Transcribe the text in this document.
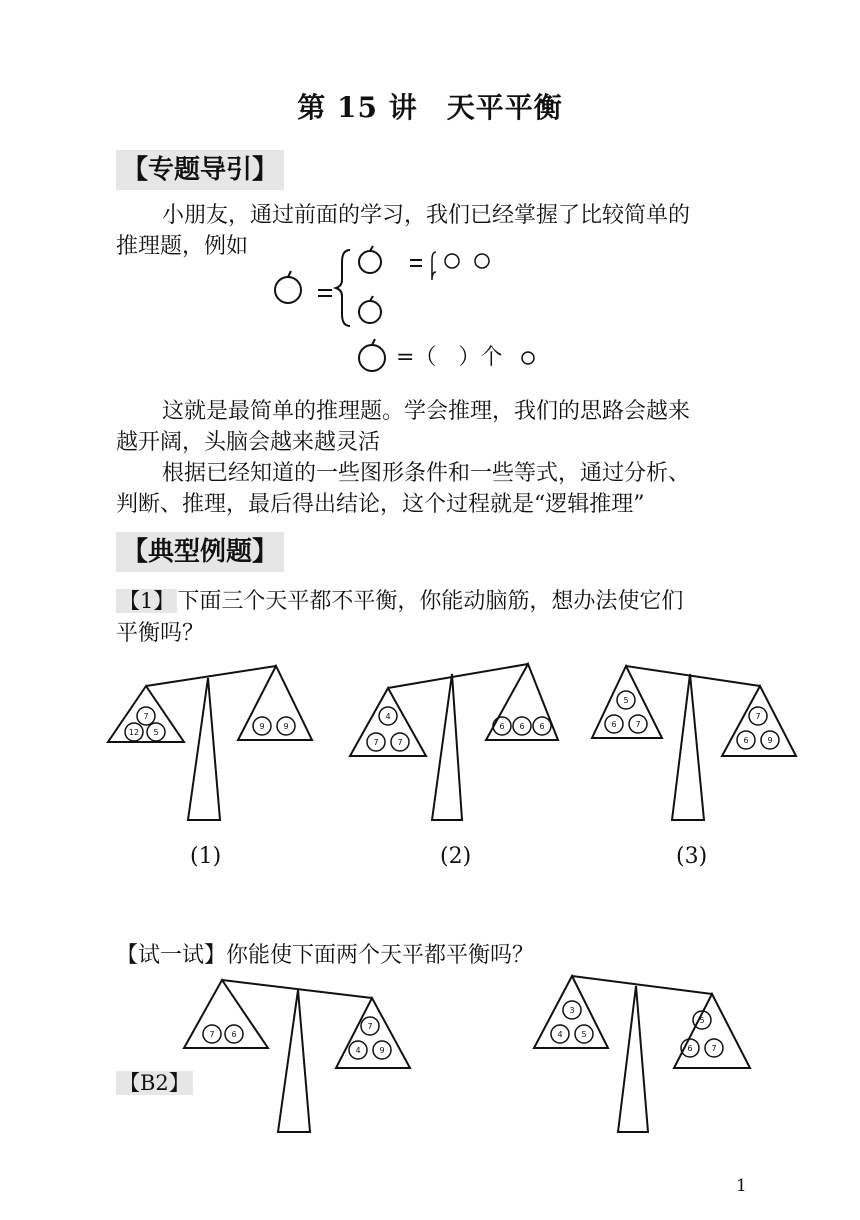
第 15 讲　天平平衡
【专题导引】
小朋友，通过前面的学习，我们已经掌握了比较简单的
推理题，例如
=（　）个
这就是最简单的推理题。学会推理，我们的思路会越来
越开阔，头脑会越来越灵活
根据已经知道的一些图形条件和一些等式，通过分析、
判断、推理，最后得出结论，这个过程就是“逻辑推理”
【典型例题】
【1】 下面三个天平都不平衡，你能动脑筋，想办法使它们
平衡吗？
7
12 5
9 9
4
7 7
6 6 6
5
6 7
7
6 9
(1)	(2)	(3)
【试一试】你能使下面两个天平都平衡吗？
7 6
7
4 9
3
4 5
5
6 7
【B2】
1
